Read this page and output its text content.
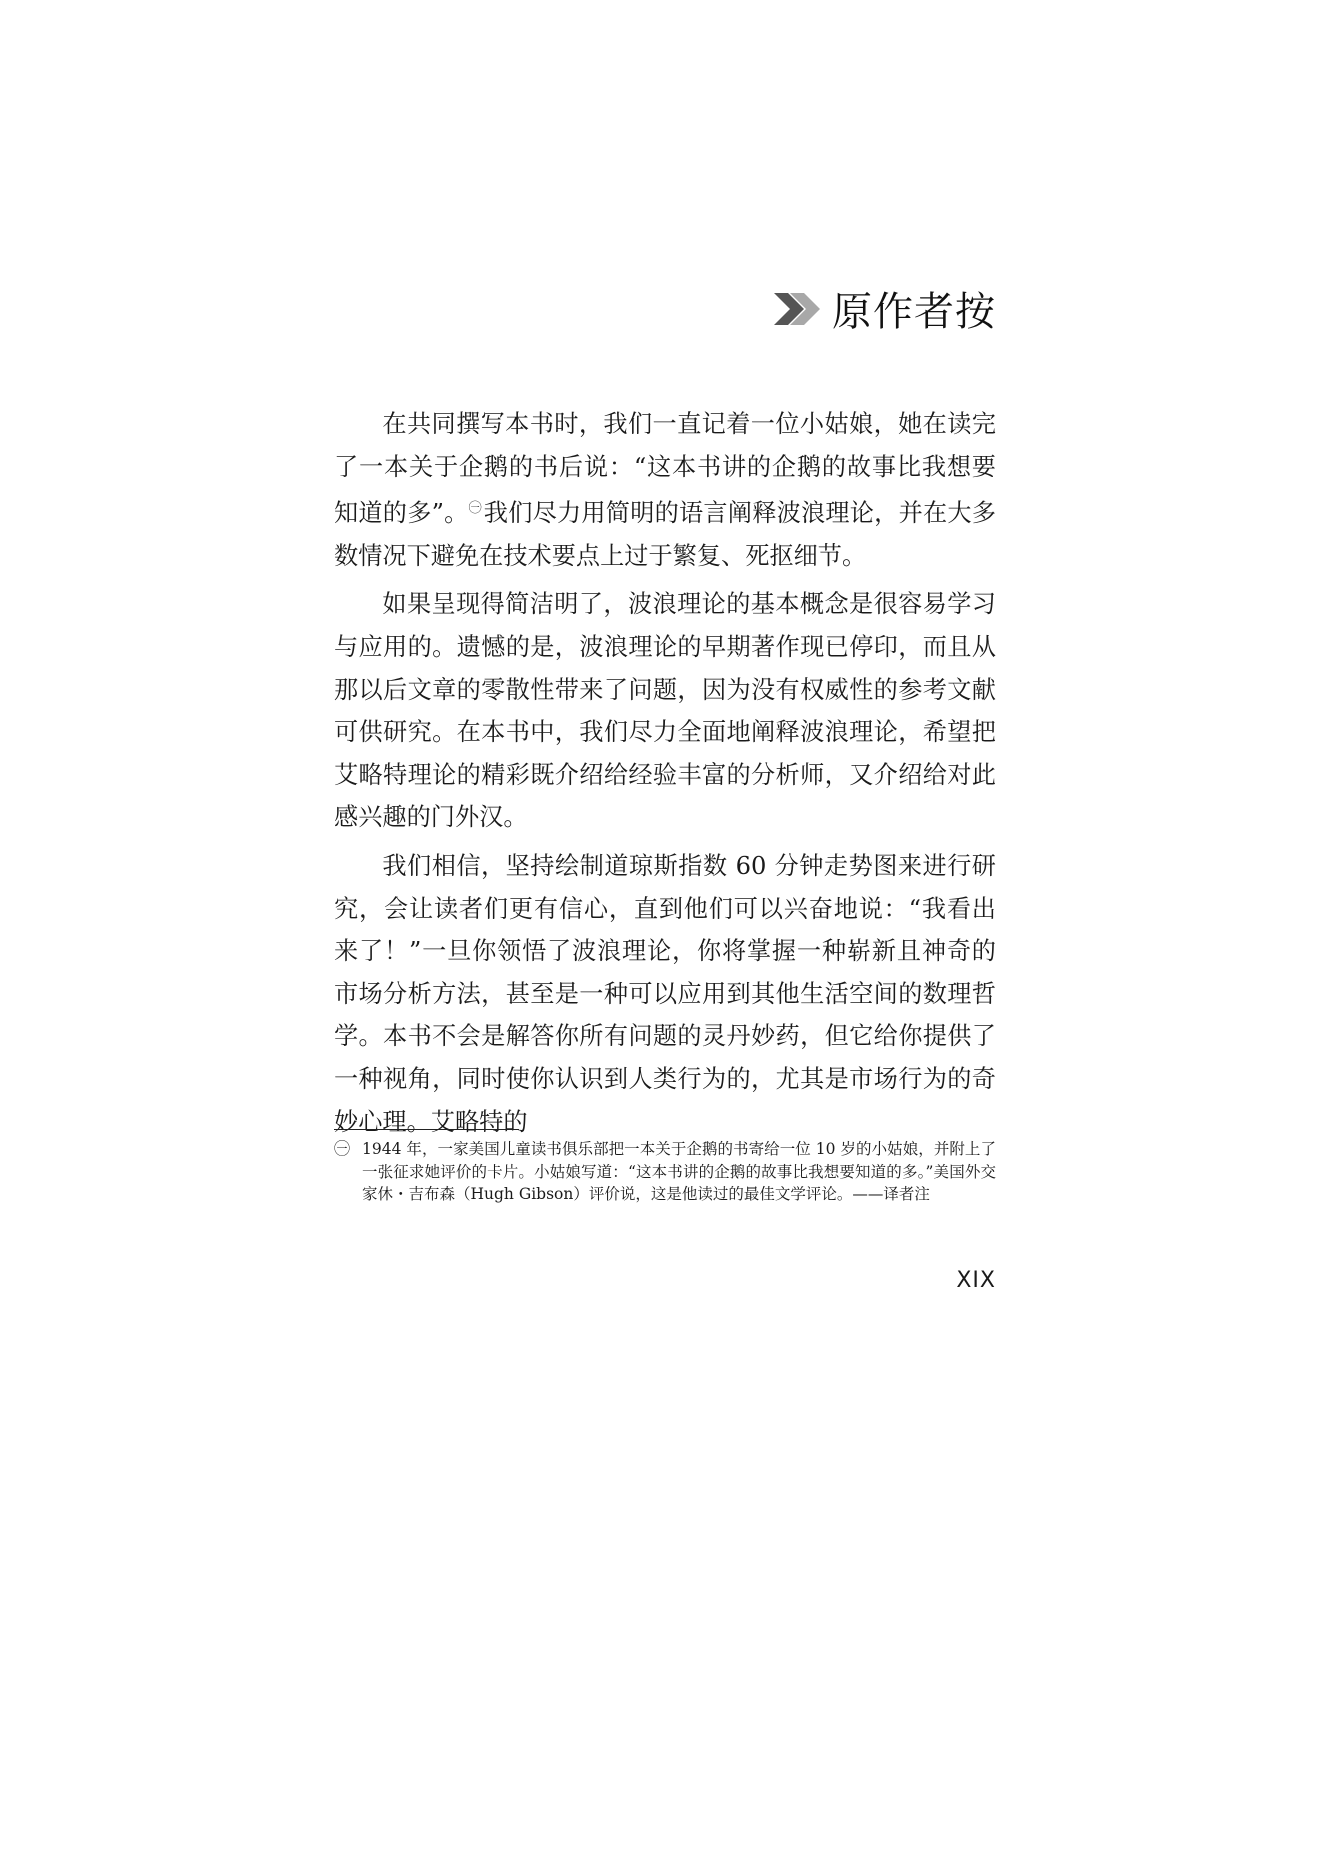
原作者按

在共同撰写本书时，我们一直记着一位小姑娘，她在读完了一本关于企鹅的书后说：“这本书讲的企鹅的故事比我想要知道的多”。$^㊀$我们尽力用简明的语言阐释波浪理论，并在大多数情况下避免在技术要点上过于繁复、死抠细节。

如果呈现得简洁明了，波浪理论的基本概念是很容易学习与应用的。遗憾的是，波浪理论的早期著作现已停印，而且从那以后文章的零散性带来了问题，因为没有权威性的参考文献可供研究。在本书中，我们尽力全面地阐释波浪理论，希望把艾略特理论的精彩既介绍给经验丰富的分析师，又介绍给对此感兴趣的门外汉。

我们相信，坚持绘制道琼斯指数 60 分钟走势图来进行研究，会让读者们更有信心，直到他们可以兴奋地说：“我看出来了！”一旦你领悟了波浪理论，你将掌握一种崭新且神奇的市场分析方法，甚至是一种可以应用到其他生活空间的数理哲学。本书不会是解答你所有问题的灵丹妙药，但它给你提供了一种视角，同时使你认识到人类行为的，尤其是市场行为的奇妙心理。艾略特的

㊀ 1944 年，一家美国儿童读书俱乐部把一本关于企鹅的书寄给一位 10 岁的小姑娘，并附上了一张征求她评价的卡片。小姑娘写道：“这本书讲的企鹅的故事比我想要知道的多。”美国外交家休・吉布森（Hugh Gibson）评价说，这是他读过的最佳文学评论。——译者注
XIX
